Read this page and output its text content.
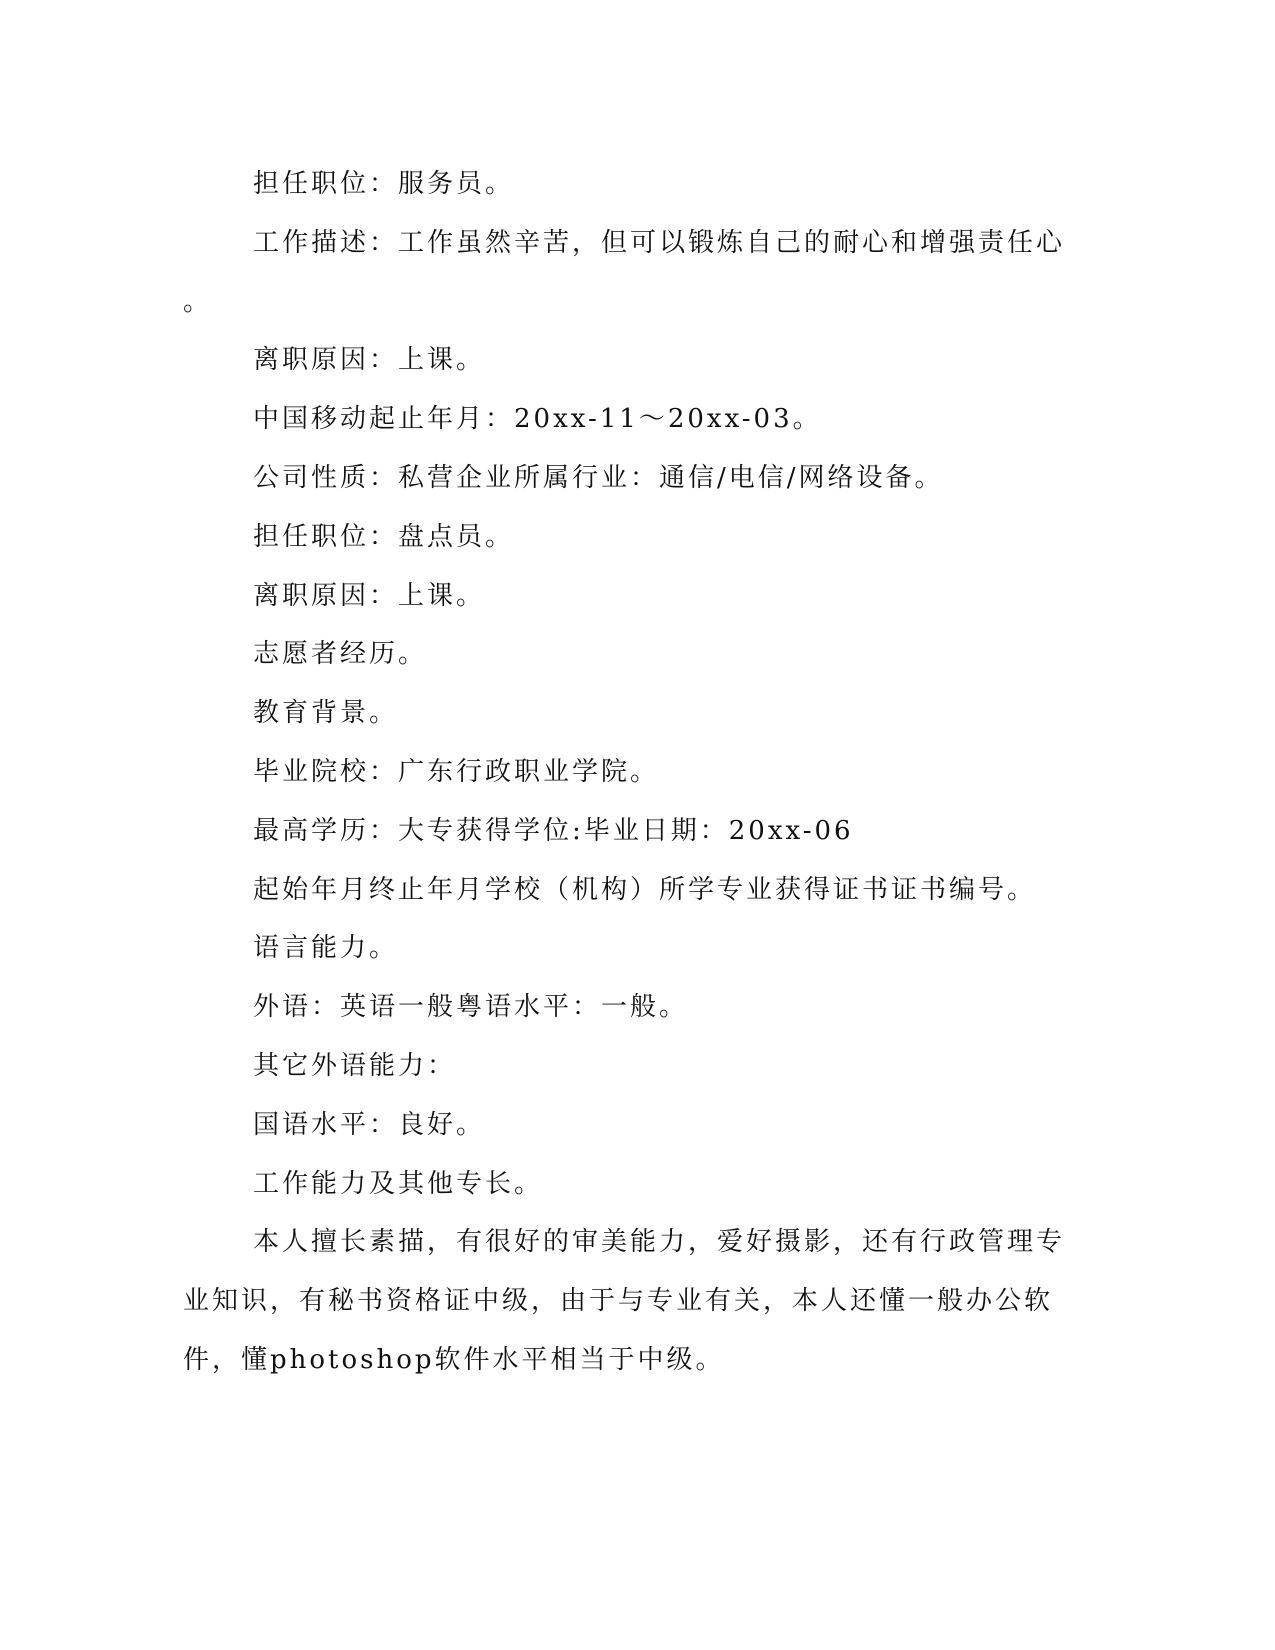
担任职位：服务员。

工作描述：工作虽然辛苦，但可以锻炼自己的耐心和增强责任心

。

离职原因：上课。

中国移动起止年月：20xx-11～20xx-03。

公司性质：私营企业所属行业：通信/电信/网络设备。

担任职位：盘点员。

离职原因：上课。

志愿者经历。

教育背景。

毕业院校：广东行政职业学院。

最高学历：大专获得学位:毕业日期：20xx-06

起始年月终止年月学校（机构）所学专业获得证书证书编号。

语言能力。

外语：英语一般粤语水平：一般。

其它外语能力：

国语水平：良好。

工作能力及其他专长。

本人擅长素描，有很好的审美能力，爱好摄影，还有行政管理专

业知识，有秘书资格证中级，由于与专业有关，本人还懂一般办公软

件，懂photoshop软件水平相当于中级。
